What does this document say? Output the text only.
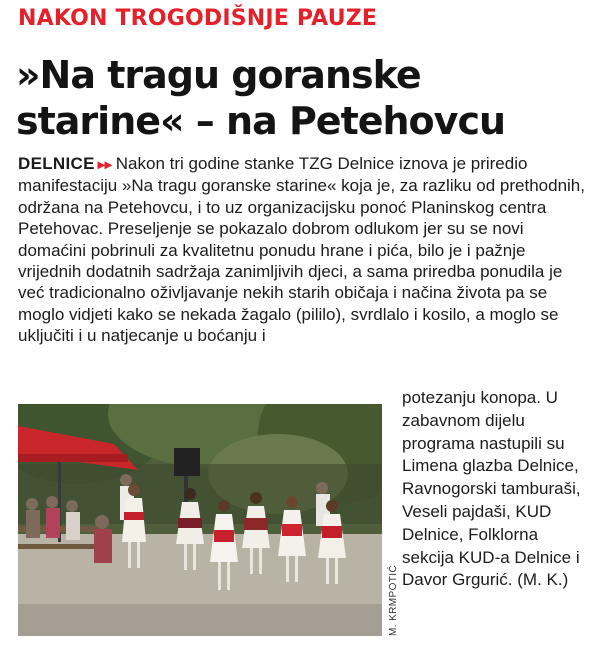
NAKON TROGODIŠNJE PAUZE
»Na tragu goranske starine« – na Petehovcu

DELNICE ▸▸ Nakon tri godine stanke TZG Delnice iznova je priredio manifestaciju »Na tragu goranske starine« koja je, za razliku od prethodnih, održana na Petehovcu, i to uz organizacijsku ponoć Planinskog centra Petehovac. Preseljenje se pokazalo dobrom odlukom jer su se novi domaćini pobrinuli za kvalitetnu ponudu hrane i pića, bilo je i pažnje vrijednih dodatnih sadržaja zanimljivih djeci, a sama priredba ponudila je već tradicionalno oživljavanje nekih starih običaja i načina života pa se moglo vidjeti kako se nekada žagalo (pililo), svrdlalo i kosilo, a moglo se uključiti i u natjecanje u boćanju i

M. KRMPOTIĆ

potezanju konopa. U zabavnom dijelu programa nastupili su Limena glazba Delnice, Ravnogorski tamburaši, Veseli pajdaši, KUD Delnice, Folklorna sekcija KUD-a Delnice i Davor Grgurić. (M. K.)
